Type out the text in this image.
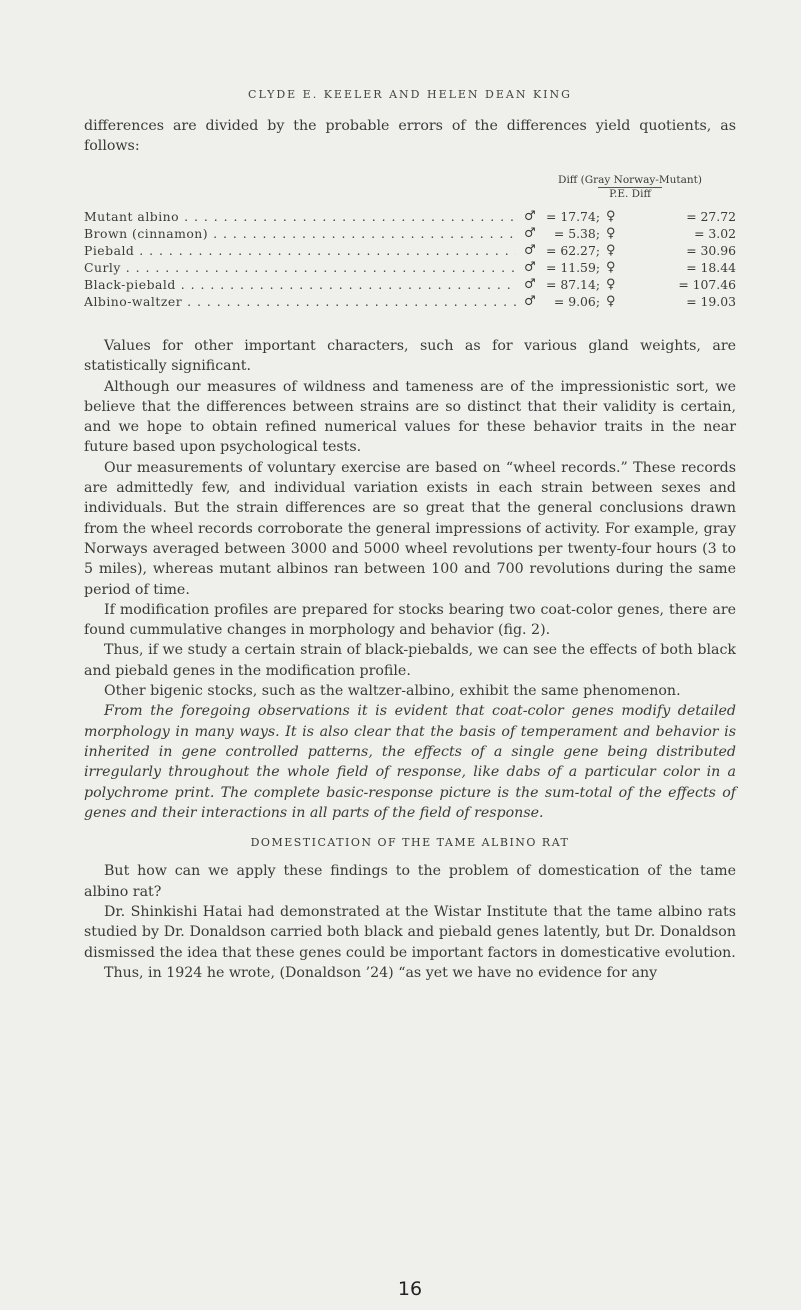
CLYDE E. KEELER AND HELEN DEAN KING
differences are divided by the probable errors of the differences yield quotients, as follows:
Diff (Gray Norway-Mutant)
P.E. Diff
Mutant albino . . .	♂ = 17.74; ♀	= 27.72
Brown (cinnamon) . . .	♂	= 5.38; ♀	= 3.02
Piebald . . .	♂ = 62.27; ♀	= 30.96
Curly . . .	♂ = 11.59; ♀	= 18.44
Black-piebald . . .	♂ = 87.14; ♀	= 107.46
Albino-waltzer . . .	♂	= 9.06; ♀	= 19.03

Values for other important characters, such as for various gland weights, are statistically significant.

Although our measures of wildness and tameness are of the impressionistic sort, we believe that the differences between strains are so distinct that their validity is certain, and we hope to obtain refined numerical values for these behavior traits in the near future based upon psychological tests.

Our measurements of voluntary exercise are based on “wheel records.” These records are admittedly few, and individual variation exists in each strain between sexes and individuals. But the strain differences are so great that the general conclusions drawn from the wheel records corroborate the general impressions of activity. For example, gray Norways averaged between 3000 and 5000 wheel revolutions per twenty-four hours (3 to 5 miles), whereas mutant albinos ran between 100 and 700 revolutions during the same period of time.

If modification profiles are prepared for stocks bearing two coat-color genes, there are found cummulative changes in morphology and behavior (fig. 2).

Thus, if we study a certain strain of black-piebalds, we can see the effects of both black and piebald genes in the modification profile.

Other bigenic stocks, such as the waltzer-albino, exhibit the same phenomenon.

From the foregoing observations it is evident that coat-color genes modify detailed morphology in many ways. It is also clear that the basis of temperament and behavior is inherited in gene controlled patterns, the effects of a single gene being distributed irregularly throughout the whole field of response, like dabs of a particular color in a polychrome print. The complete basic-response picture is the sum-total of the effects of genes and their interactions in all parts of the field of response.

DOMESTICATION OF THE TAME ALBINO RAT

But how can we apply these findings to the problem of domestication of the tame albino rat?

Dr. Shinkishi Hatai had demonstrated at the Wistar Institute that the tame albino rats studied by Dr. Donaldson carried both black and piebald genes latently, but Dr. Donaldson dismissed the idea that these genes could be important factors in domesticative evolution.

Thus, in 1924 he wrote, (Donaldson ’24) “as yet we have no evidence for any

16
